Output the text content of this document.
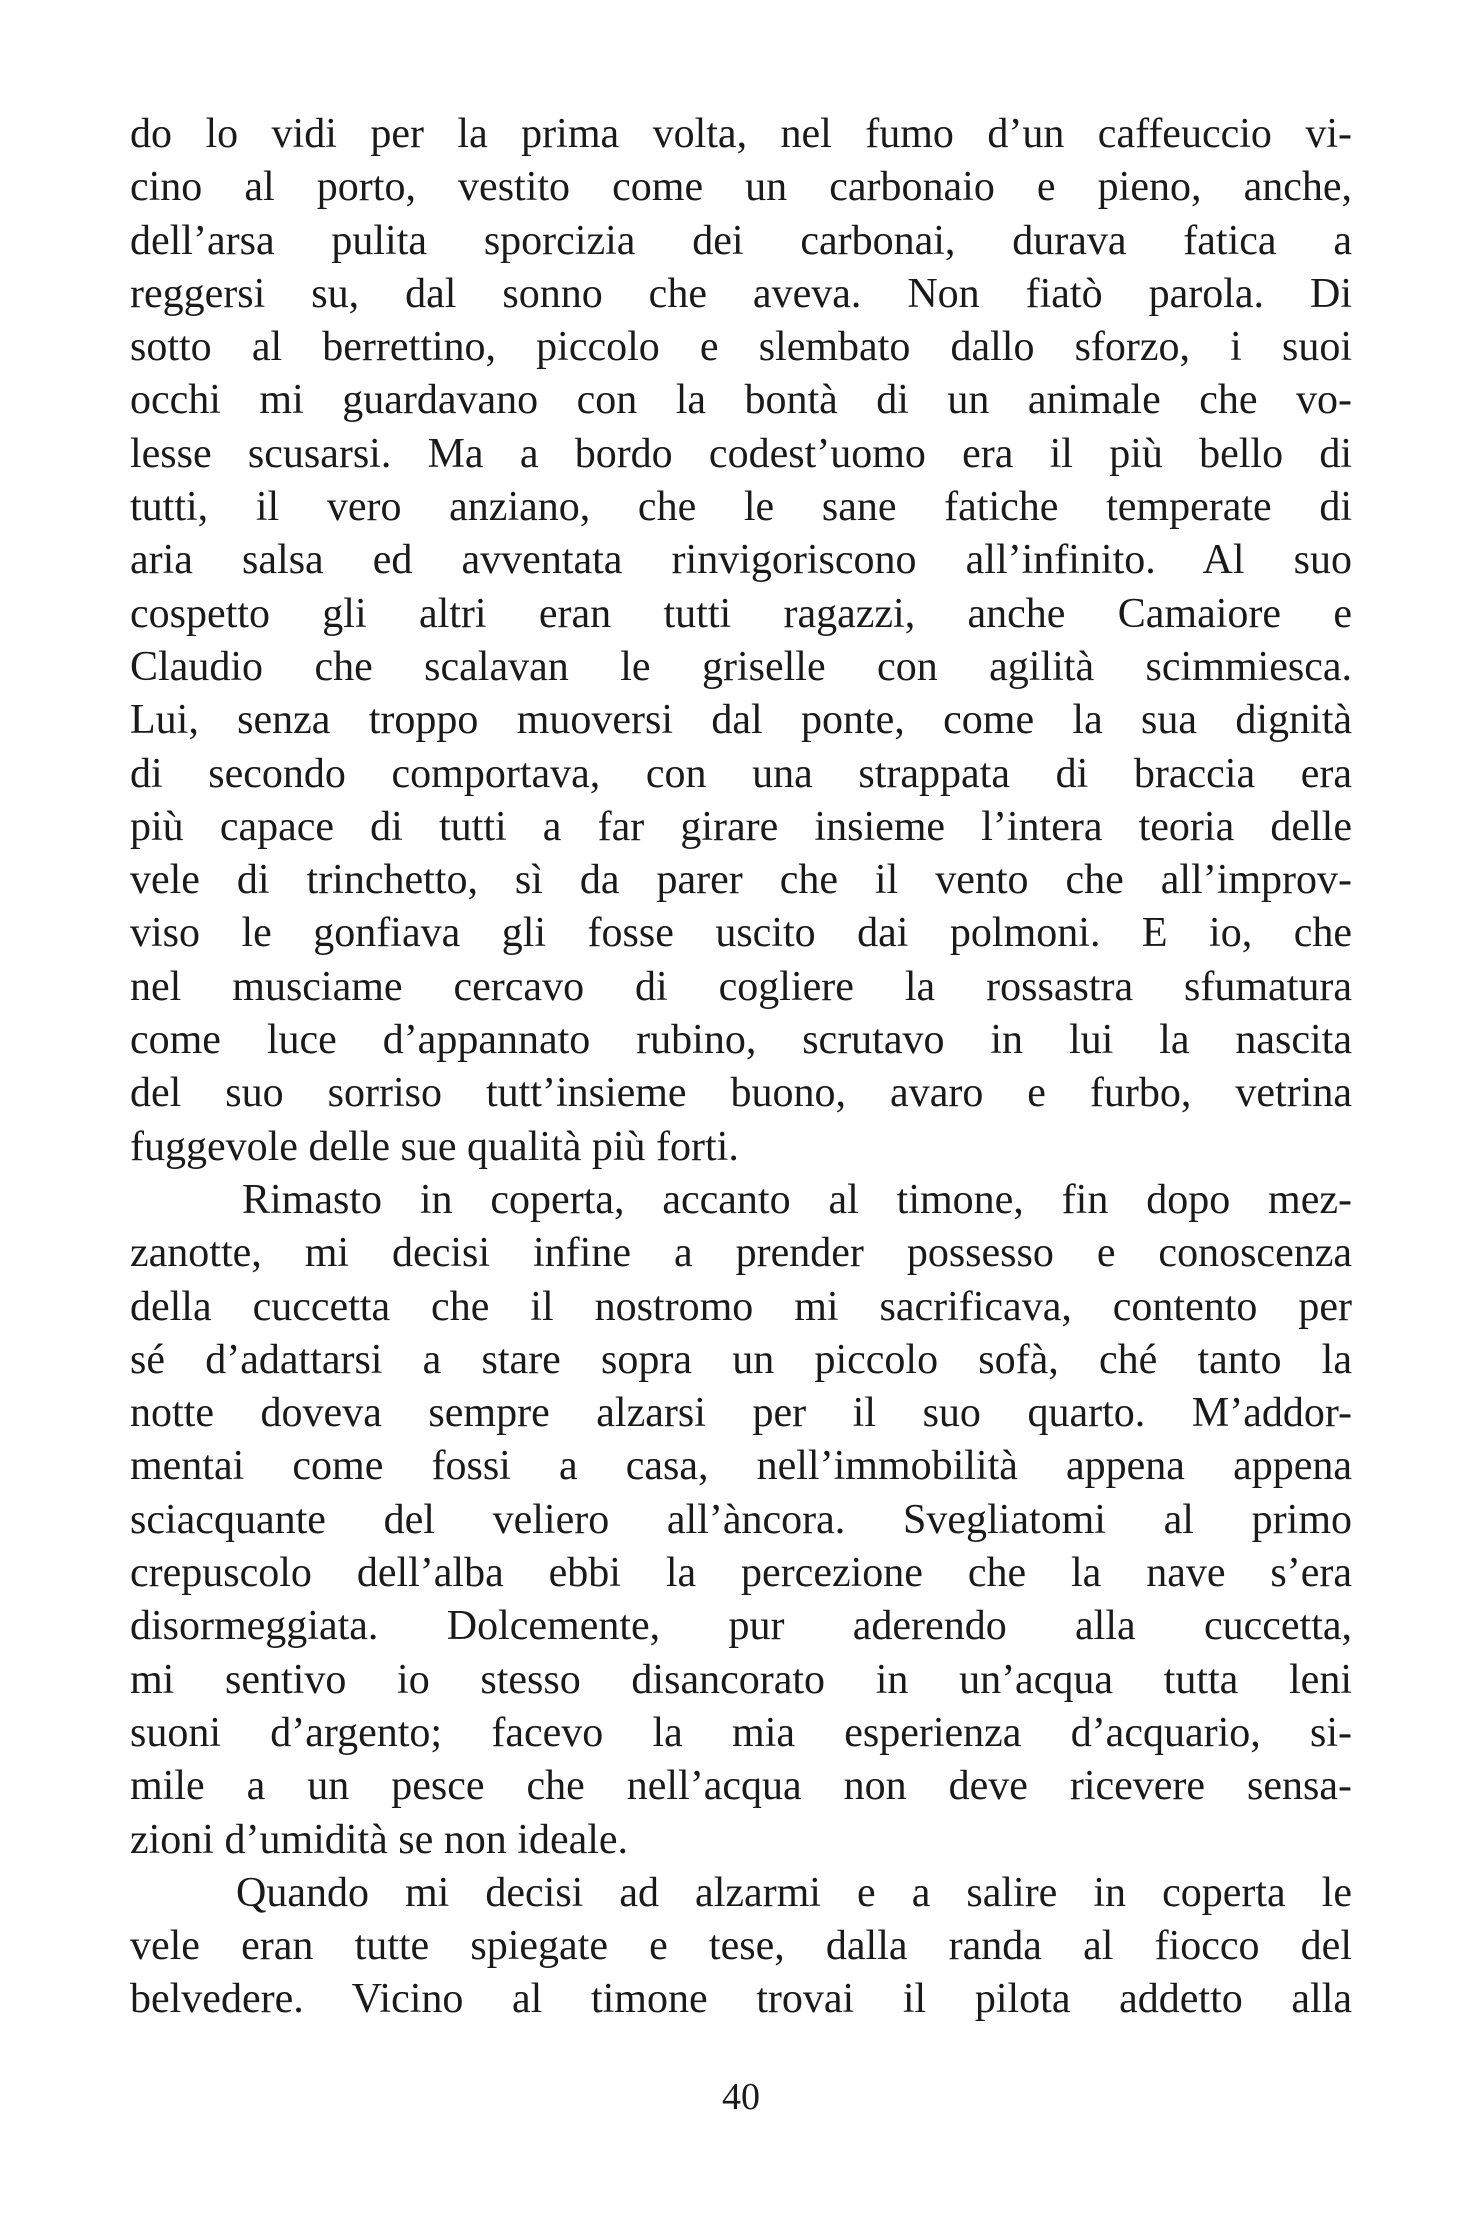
do lo vidi per la prima volta, nel fumo d’un caffeuccio vi-
cino al porto, vestito come un carbonaio e pieno, anche,
dell’arsa pulita sporcizia dei carbonai, durava fatica a
reggersi su, dal sonno che aveva. Non fiatò parola. Di
sotto al berrettino, piccolo e slembato dallo sforzo, i suoi
occhi mi guardavano con la bontà di un animale che vo-
lesse scusarsi. Ma a bordo codest’uomo era il più bello di
tutti, il vero anziano, che le sane fatiche temperate di
aria salsa ed avventata rinvigoriscono all’infinito. Al suo
cospetto gli altri eran tutti ragazzi, anche Camaiore e
Claudio che scalavan le griselle con agilità scimmiesca.
Lui, senza troppo muoversi dal ponte, come la sua dignità
di secondo comportava, con una strappata di braccia era
più capace di tutti a far girare insieme l’intera teoria delle
vele di trinchetto, sì da parer che il vento che all’improv-
viso le gonfiava gli fosse uscito dai polmoni. E io, che
nel musciame cercavo di cogliere la rossastra sfumatura
come luce d’appannato rubino, scrutavo in lui la nascita
del suo sorriso tutt’insieme buono, avaro e furbo, vetrina
fuggevole delle sue qualità più forti.
Rimasto in coperta, accanto al timone, fin dopo mez-
zanotte, mi decisi infine a prender possesso e conoscenza
della cuccetta che il nostromo mi sacrificava, contento per
sé d’adattarsi a stare sopra un piccolo sofà, ché tanto la
notte doveva sempre alzarsi per il suo quarto. M’addor-
mentai come fossi a casa, nell’immobilità appena appena
sciacquante del veliero all’àncora. Svegliatomi al primo
crepuscolo dell’alba ebbi la percezione che la nave s’era
disormeggiata. Dolcemente, pur aderendo alla cuccetta,
mi sentivo io stesso disancorato in un’acqua tutta leni
suoni d’argento; facevo la mia esperienza d’acquario, si-
mile a un pesce che nell’acqua non deve ricevere sensa-
zioni d’umidità se non ideale.
Quando mi decisi ad alzarmi e a salire in coperta le
vele eran tutte spiegate e tese, dalla randa al fiocco del
belvedere. Vicino al timone trovai il pilota addetto alla
40
